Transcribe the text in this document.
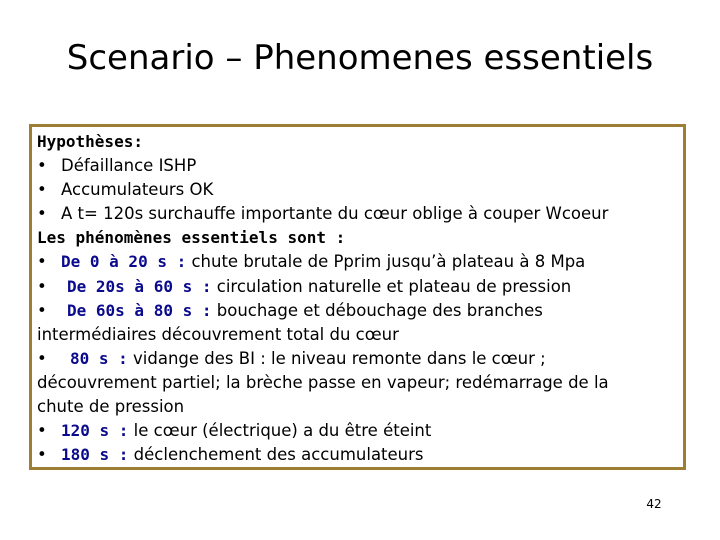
Scenario – Phenomenes essentiels
Hypothèses:
• Défaillance ISHP
• Accumulateurs OK
• A t= 120s surchauffe importante du cœur oblige à couper Wcoeur
Les phénomènes essentiels sont :
• De 0 à 20 s : chute brutale de Pprim jusqu’à plateau à 8 Mpa
• De 20s à 60 s : circulation naturelle et plateau de pression
• De 60s à 80 s : bouchage et débouchage des branches
intermédiaires découvrement total du cœur
• 80 s : vidange des BI : le niveau remonte dans le cœur ;
découvrement partiel; la brèche passe en vapeur; redémarrage de la
chute de pression
• 120 s : le cœur (électrique) a du être éteint
• 180 s : déclenchement des accumulateurs
42
